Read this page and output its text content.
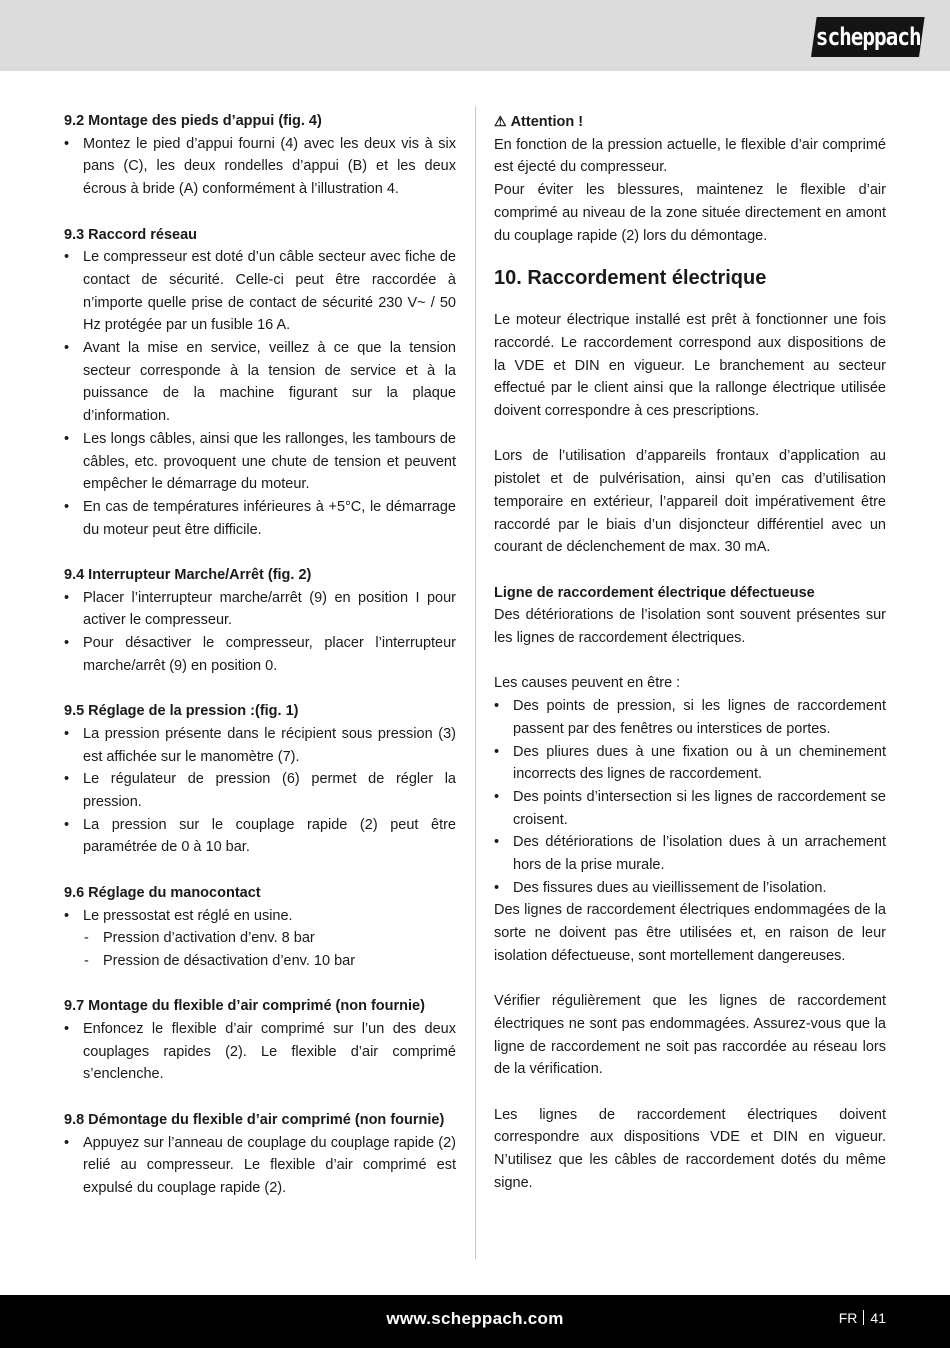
scheppach
9.2 Montage des pieds d’appui (fig. 4)
• Montez le pied d’appui fourni (4) avec les deux vis à six pans (C), les deux rondelles d’appui (B) et les deux écrous à bride (A) conformément à l’illustration 4.
9.3 Raccord réseau
• Le compresseur est doté d’un câble secteur avec fiche de contact de sécurité. Celle-ci peut être raccordée à n’importe quelle prise de contact de sécurité 230 V~ / 50 Hz protégée par un fusible 16 A.
• Avant la mise en service, veillez à ce que la tension secteur corresponde à la tension de service et à la puissance de la machine figurant sur la plaque d’information.
• Les longs câbles, ainsi que les rallonges, les tambours de câbles, etc. provoquent une chute de tension et peuvent empêcher le démarrage du moteur.
• En cas de températures inférieures à +5°C, le démarrage du moteur peut être difficile.
9.4 Interrupteur Marche/Arrêt (fig. 2)
• Placer l’interrupteur marche/arrêt (9) en position I pour activer le compresseur.
• Pour désactiver le compresseur, placer l’interrupteur marche/arrêt (9) en position 0.
9.5 Réglage de la pression :(fig. 1)
• La pression présente dans le récipient sous pression (3) est affichée sur le manomètre (7).
• Le régulateur de pression (6) permet de régler la pression.
• La pression sur le couplage rapide (2) peut être paramétrée de 0 à 10 bar.
9.6 Réglage du manocontact
• Le pressostat est réglé en usine.
- Pression d’activation d’env. 8 bar
- Pression de désactivation d’env. 10 bar
9.7 Montage du flexible d’air comprimé (non fournie)
• Enfoncez le flexible d’air comprimé sur l’un des deux couplages rapides (2). Le flexible d’air comprimé s’enclenche.
9.8 Démontage du flexible d’air comprimé (non fournie)
• Appuyez sur l’anneau de couplage du couplage rapide (2) relié au compresseur. Le flexible d’air comprimé est expulsé du couplage rapide (2).
⚠ Attention !

En fonction de la pression actuelle, le flexible d’air comprimé est éjecté du compresseur.

Pour éviter les blessures, maintenez le flexible d’air comprimé au niveau de la zone située directement en amont du couplage rapide (2) lors du démontage.

10. Raccordement électrique

Le moteur électrique installé est prêt à fonctionner une fois raccordé. Le raccordement correspond aux dispositions de la VDE et DIN en vigueur. Le branchement au secteur effectué par le client ainsi que la rallonge électrique utilisée doivent correspondre à ces prescriptions.

Lors de l’utilisation d’appareils frontaux d’application au pistolet et de pulvérisation, ainsi qu’en cas d’utilisation temporaire en extérieur, l’appareil doit impérativement être raccordé par le biais d’un disjoncteur différentiel avec un courant de déclenchement de max. 30 mA.

Ligne de raccordement électrique défectueuse

Des détériorations de l’isolation sont souvent présentes sur les lignes de raccordement électriques.

Les causes peuvent en être :

• Des points de pression, si les lignes de raccordement passent par des fenêtres ou interstices de portes.
• Des pliures dues à une fixation ou à un cheminement incorrects des lignes de raccordement.
• Des points d’intersection si les lignes de raccordement se croisent.
• Des détériorations de l’isolation dues à un arrachement hors de la prise murale.
• Des fissures dues au vieillissement de l’isolation.

Des lignes de raccordement électriques endommagées de la sorte ne doivent pas être utilisées et, en raison de leur isolation défectueuse, sont mortellement dangereuses.

Vérifier régulièrement que les lignes de raccordement électriques ne sont pas endommagées. Assurez-vous que la ligne de raccordement ne soit pas raccordée au réseau lors de la vérification.

Les lignes de raccordement électriques doivent correspondre aux dispositions VDE et DIN en vigueur. N’utilisez que les câbles de raccordement dotés du même signe.

www.scheppach.com	FR 41
